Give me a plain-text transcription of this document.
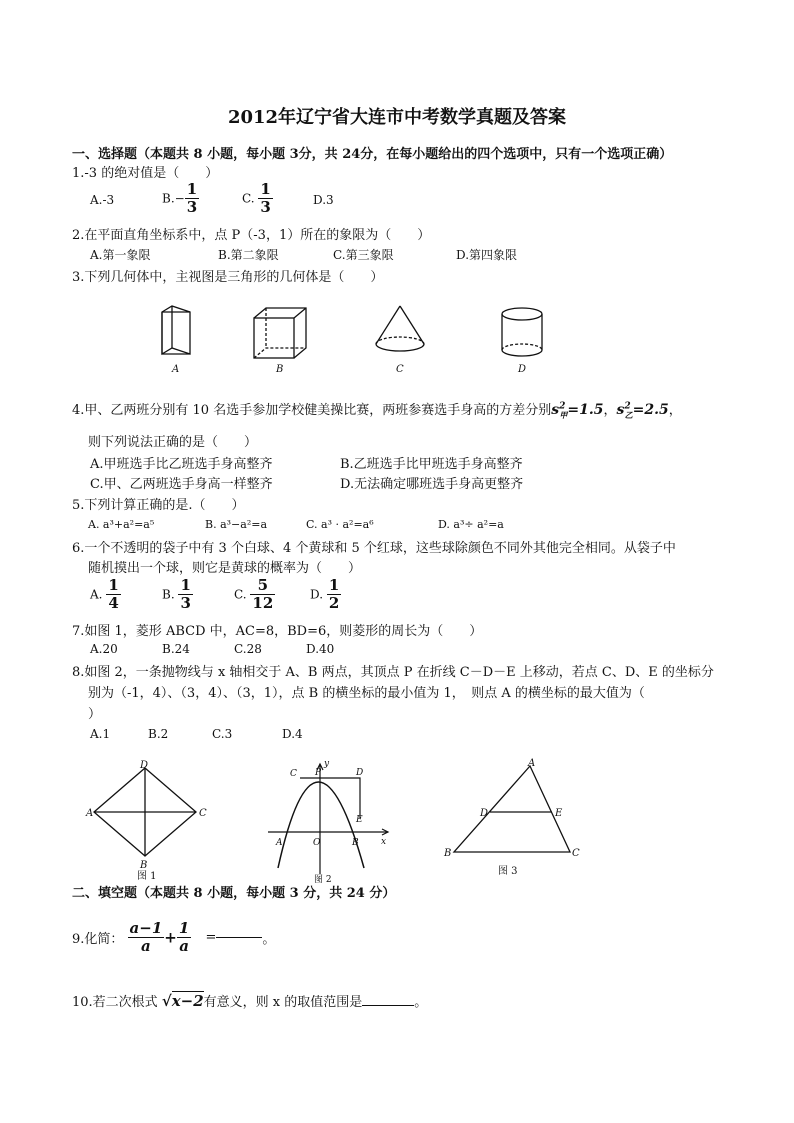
2012年辽宁省大连市中考数学真题及答案
一、选择题（本题共 8 小题，每小题 3分，共 24分，在每小题给出的四个选项中，只有一个选项正确）
1.-3 的绝对值是（　　）
A.-3	$B.- \frac{1}{3}$	C. $\frac{1}{3}$	D.3
2.在平面直角坐标系中，点 P（-3，1）所在的象限为（　　）
A.第一象限	B.第二象限	C.第三象限	D.第四象限
3.下列几何体中，主视图是三角形的几何体是（　　）
A	B	C	D
4.甲、乙两班分别有 10 名选手参加学校健美操比赛，两班参赛选手身高的方差分别$s^2_甲=1.5$，$s^2_乙=2.5$，
则下列说法正确的是（　　）
A.甲班选手比乙班选手身高整齐	B.乙班选手比甲班选手身高整齐
C.甲、乙两班选手身高一样整齐	D.无法确定哪班选手身高更整齐
5.下列计算正确的是.（　　）
A. a³+a²=a⁵	B. a³−a²=a	C. a³ · a²=a⁶	D. a³÷ a²=a
6.一个不透明的袋子中有 3 个白球、4 个黄球和 5 个红球，这些球除颜色不同外其他完全相同。从袋子中
随机摸出一个球，则它是黄球的概率为（　　）
A. $\frac{1}{4}$	B. $\frac{1}{3}$	C. $\frac{5}{12}$	D. $\frac{1}{2}$
7.如图 1，菱形 ABCD 中，AC=8，BD=6，则菱形的周长为（　　）
A.20	B.24	C.28	D.40
8.如图 2，一条抛物线与 x 轴相交于 A、B 两点，其顶点 P 在折线 C－D－E 上移动，若点 C、D、E 的坐标分
别为（-1，4）、（3，4）、（3，1），点 B 的横坐标的最小值为 1，　则点 A 的横坐标的最大值为（
）
A.1	B.2	C.3	D.4
A
B
C
D
图 1
y
x
C P	D
E
A	O	B
图 2
A
B	C
D	E
图 3
二、填空题（本题共 8 小题，每小题 3 分，共 24 分）
9.化简： $\frac{a-1}{a} + \frac{1}{a}$ =	。
10.若二次根式 √x−2有意义，则 x 的取值范围是	。
